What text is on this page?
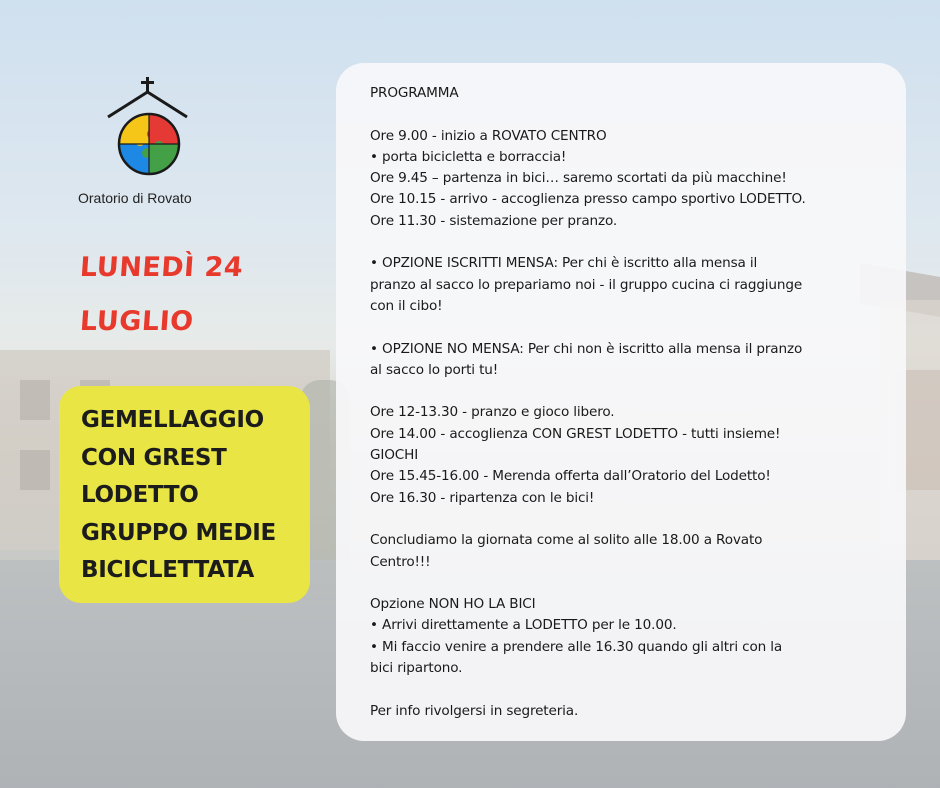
Oratorio di Rovato
LUNEDÌ 24
LUGLIO
GEMELLAGGIO
CON GREST
LODETTO
GRUPPO MEDIE
BICICLETTATA
PROGRAMMA
Ore 9.00 - inizio a ROVATO CENTRO
• porta bicicletta e borraccia!
Ore 9.45 – partenza in bici… saremo scortati da più macchine!
Ore 10.15 - arrivo - accoglienza presso campo sportivo LODETTO.
Ore 11.30 - sistemazione per pranzo.
• OPZIONE ISCRITTI MENSA: Per chi è iscritto alla mensa il
pranzo al sacco lo prepariamo noi - il gruppo cucina ci raggiunge
con il cibo!
• OPZIONE NO MENSA: Per chi non è iscritto alla mensa il pranzo
al sacco lo porti tu!
Ore 12-13.30 - pranzo e gioco libero.
Ore 14.00 - accoglienza CON GREST LODETTO - tutti insieme!
GIOCHI
Ore 15.45-16.00 - Merenda offerta dall’Oratorio del Lodetto!
Ore 16.30 - ripartenza con le bici!
Concludiamo la giornata come al solito alle 18.00 a Rovato
Centro!!!
Opzione NON HO LA BICI
• Arrivi direttamente a LODETTO per le 10.00.
• Mi faccio venire a prendere alle 16.30 quando gli altri con la
bici ripartono.
Per info rivolgersi in segreteria.
